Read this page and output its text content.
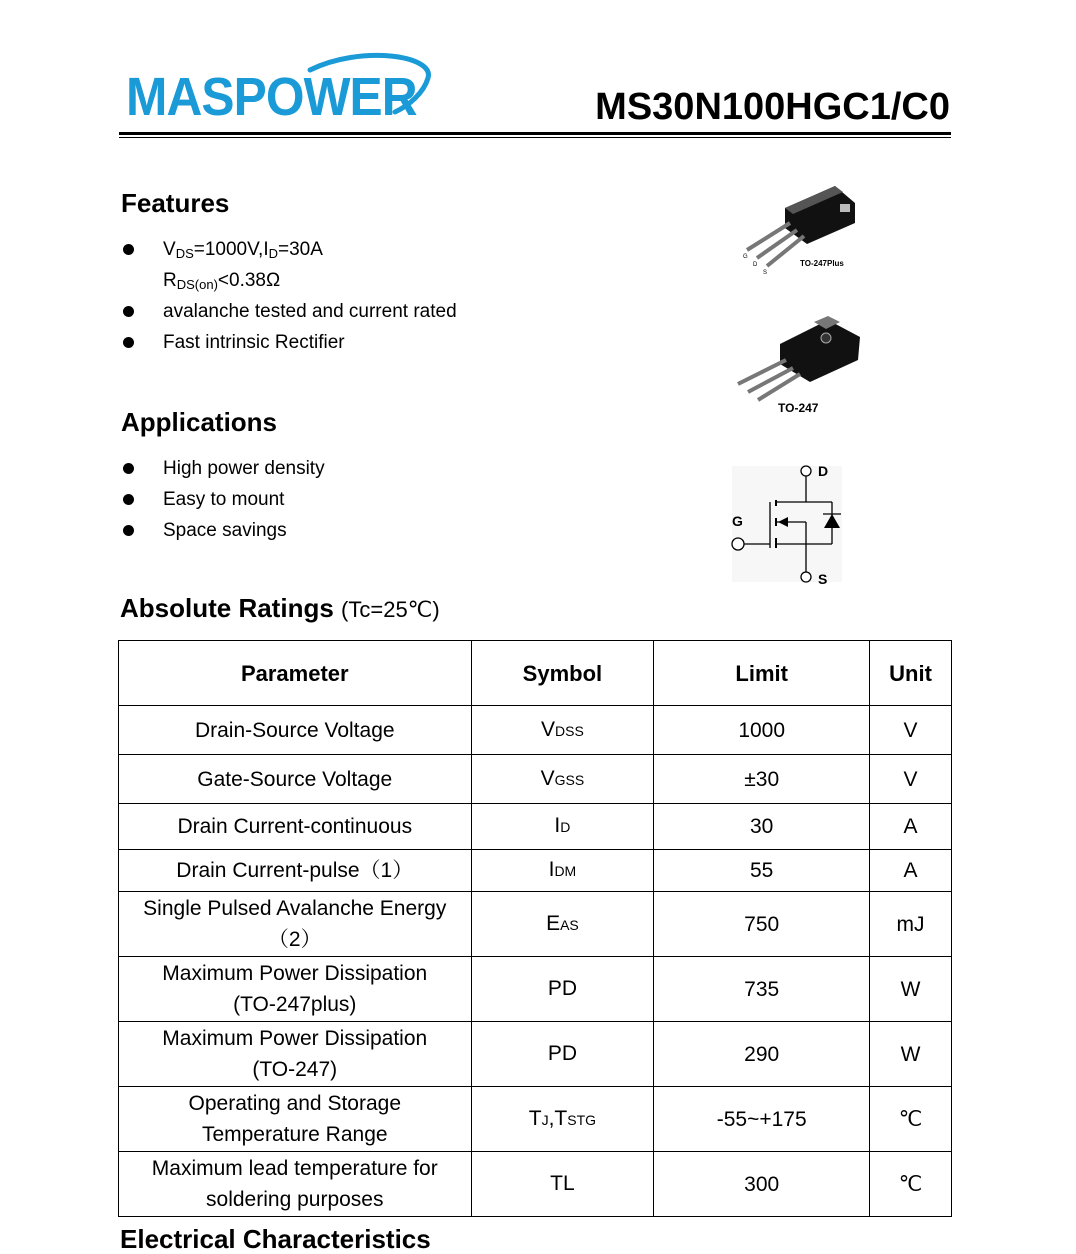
MASPOWER	MS30N100HGC1/C0
Features
$V_{DS}=1000V,I_D=30A$
$R_{DS(on)}<0.38\Omega$
avalanche tested and current rated
Fast intrinsic Rectifier
Applications
High power density
Easy to mount
Space savings
G
D
S
TO-247Plus
TO-247
D
G
S
Absolute Ratings (Tc=25℃)
Parameter	Symbol	Limit	Unit
Drain-Source Voltage	VDSS	1000	V
Gate-Source Voltage	VGSS	±30	V
Drain Current-continuous	ID	30	A
Drain Current-pulse（1）	IDM	55	A

Single Pulsed Avalanche Energy
（2）	EAS	750	mJ

Maximum Power Dissipation
(TO-247plus)	PD	735	W

Maximum Power Dissipation
(TO-247)	PD	290	W

Operating and Storage
Temperature Range	TJ,TSTG	-55~+175	℃

Maximum lead temperature for
soldering purposes	TL	300	℃
Electrical Characteristics
